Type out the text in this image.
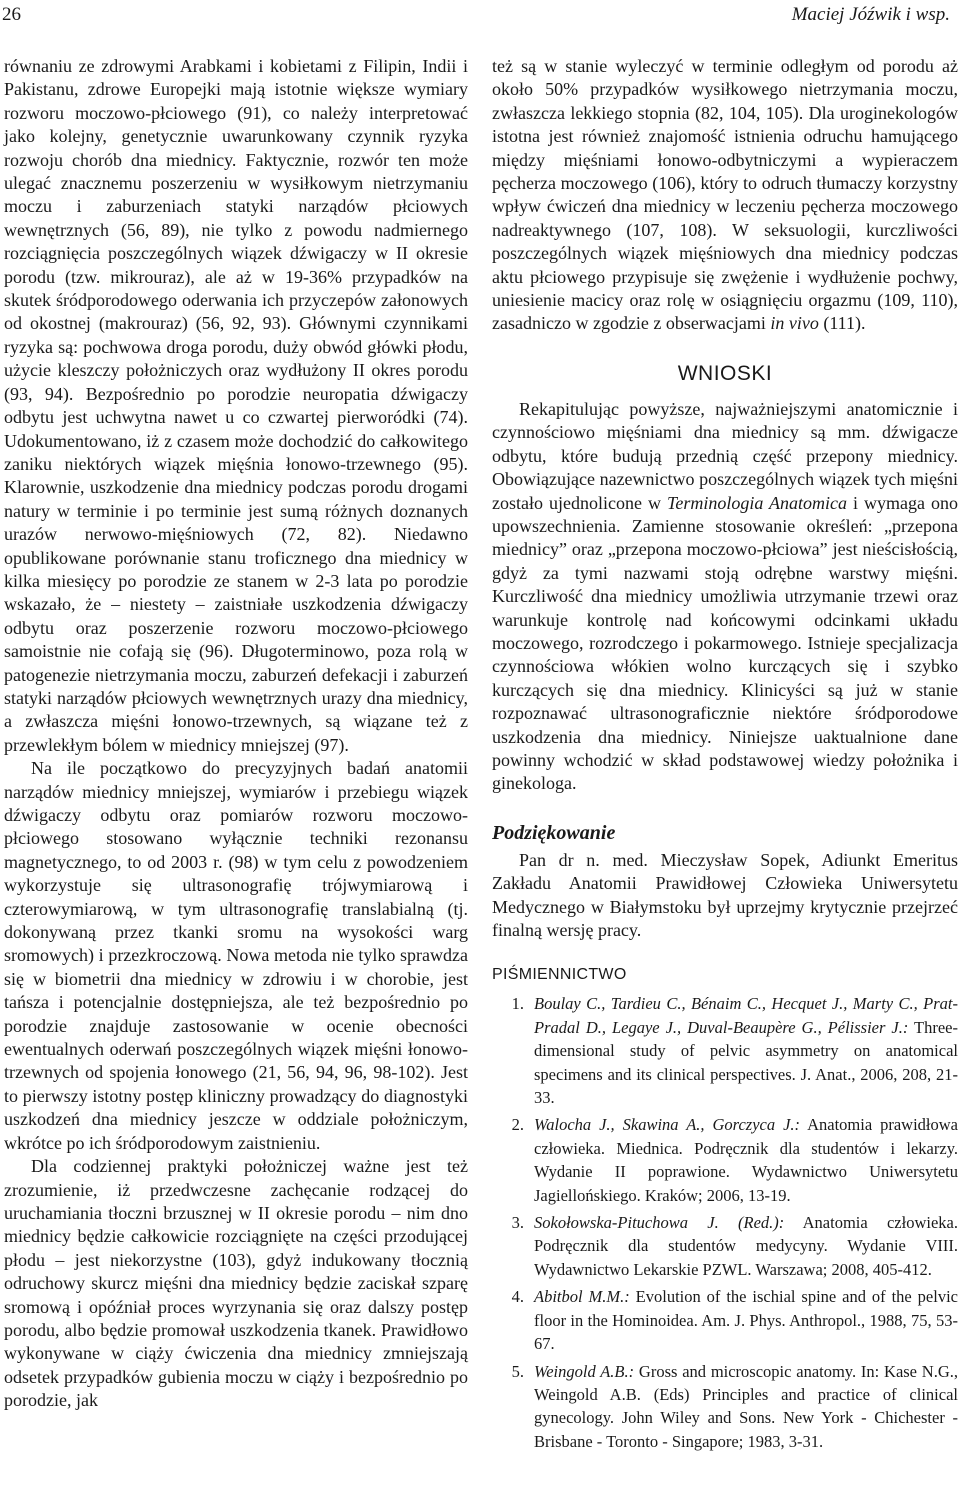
26	Maciej Jóźwik i wsp.

równaniu ze zdrowymi Arabkami i kobietami z Filipin, Indii i Pakistanu, zdrowe Europejki mają istotnie większe wymiary rozworu moczowo-płciowego (91), co należy interpretować jako kolejny, genetycznie uwarunkowany czynnik ryzyka rozwoju chorób dna miednicy. Faktycznie, rozwór ten może ulegać znacznemu poszerzeniu w wysiłkowym nietrzymaniu moczu i zaburzeniach statyki narządów płciowych wewnętrznych (56, 89), nie tylko z powodu nadmiernego rozciągnięcia poszczególnych wiązek dźwigaczy w II okresie porodu (tzw. mikrouraz), ale aż w 19-36% przypadków na skutek śródporodowego oderwania ich przyczepów załonowych od okostnej (makrouraz) (56, 92, 93). Głównymi czynnikami ryzyka są: pochwowa droga porodu, duży obwód główki płodu, użycie kleszczy położniczych oraz wydłużony II okres porodu (93, 94). Bezpośrednio po porodzie neuropatia dźwigaczy odbytu jest uchwytna nawet u co czwartej pierworódki (74). Udokumentowano, iż z czasem może dochodzić do całkowitego zaniku niektórych wiązek mięśnia łonowo-trzewnego (95). Klarownie, uszkodzenie dna miednicy podczas porodu drogami natury w terminie i po terminie jest sumą różnych doznanych urazów nerwowo-mięśniowych (72, 82). Niedawno opublikowane porównanie stanu troficznego dna miednicy w kilka miesięcy po porodzie ze stanem w 2-3 lata po porodzie wskazało, że – niestety – zaistniałe uszkodzenia dźwigaczy odbytu oraz poszerzenie rozworu moczowo-płciowego samoistnie nie cofają się (96). Długoterminowo, poza rolą w patogenezie nietrzymania moczu, zaburzeń defekacji i zaburzeń statyki narządów płciowych wewnętrznych urazy dna miednicy, a zwłaszcza mięśni łonowo-trzewnych, są wiązane też z przewlekłym bólem w miednicy mniejszej (97).

Na ile początkowo do precyzyjnych badań anatomii narządów miednicy mniejszej, wymiarów i przebiegu wiązek dźwigaczy odbytu oraz pomiarów rozworu moczowo-płciowego stosowano wyłącznie techniki rezonansu magnetycznego, to od 2003 r. (98) w tym celu z powodzeniem wykorzystuje się ultrasonografię trójwymiarową i czterowymiarową, w tym ultrasonografię translabialną (tj. dokonywaną przez tkanki sromu na wysokości warg sromowych) i przezkroczową. Nowa metoda nie tylko sprawdza się w biometrii dna miednicy w zdrowiu i w chorobie, jest tańsza i potencjalnie dostępniejsza, ale też bezpośrednio po porodzie znajduje zastosowanie w ocenie obecności ewentualnych oderwań poszczególnych wiązek mięśni łonowo-trzewnych od spojenia łonowego (21, 56, 94, 96, 98-102). Jest to pierwszy istotny postęp kliniczny prowadzący do diagnostyki uszkodzeń dna miednicy jeszcze w oddziale położniczym, wkrótce po ich śródporodowym zaistnieniu.

Dla codziennej praktyki położniczej ważne jest też zrozumienie, iż przedwczesne zachęcanie rodzącej do uruchamiania tłoczni brzusznej w II okresie porodu – nim dno miednicy będzie całkowicie rozciągnięte na części przodującej płodu – jest niekorzystne (103), gdyż indukowany tłocznią odruchowy skurcz mięśni dna miednicy będzie zaciskał szparę sromową i opóźniał proces wyrzynania się oraz dalszy postęp porodu, albo będzie promował uszkodzenia tkanek. Prawidłowo wykonywane w ciąży ćwiczenia dna miednicy zmniejszają odsetek przypadków gubienia moczu w ciąży i bezpośrednio po porodzie, jak

też są w stanie wyleczyć w terminie odległym od porodu aż około 50% przypadków wysiłkowego nietrzymania moczu, zwłaszcza lekkiego stopnia (82, 104, 105). Dla uroginekologów istotna jest również znajomość istnienia odruchu hamującego między mięśniami łonowo-odbytniczymi a wypieraczem pęcherza moczowego (106), który to odruch tłumaczy korzystny wpływ ćwiczeń dna miednicy w leczeniu pęcherza moczowego nadreaktywnego (107, 108). W seksuologii, kurczliwości poszczególnych wiązek mięśniowych dna miednicy podczas aktu płciowego przypisuje się zwężenie i wydłużenie pochwy, uniesienie macicy oraz rolę w osiągnięciu orgazmu (109, 110), zasadniczo w zgodzie z obserwacjami in vivo (111).

WNIOSKI

Rekapitulując powyższe, najważniejszymi anatomicznie i czynnościowo mięśniami dna miednicy są mm. dźwigacze odbytu, które budują przednią część przepony miednicy. Obowiązujące nazewnictwo poszczególnych wiązek tych mięśni zostało ujednolicone w Terminologia Anatomica i wymaga ono upowszechnienia. Zamienne stosowanie określeń: „przepona miednicy” oraz „przepona moczowo-płciowa” jest nieścisłością, gdyż za tymi nazwami stoją odrębne warstwy mięśni. Kurczliwość dna miednicy umożliwia utrzymanie trzewi oraz warunkuje kontrolę nad końcowymi odcinkami układu moczowego, rozrodczego i pokarmowego. Istnieje specjalizacja czynnościowa włókien wolno kurczących się i szybko kurczących się dna miednicy. Klinicyści są już w stanie rozpoznawać ultrasonograficznie niektóre śródporodowe uszkodzenia dna miednicy. Niniejsze uaktualnione dane powinny wchodzić w skład podstawowej wiedzy położnika i ginekologa.

Podziękowanie

Pan dr n. med. Mieczysław Sopek, Adiunkt Emeritus Zakładu Anatomii Prawidłowej Człowieka Uniwersytetu Medycznego w Białymstoku był uprzejmy krytycznie przejrzeć finalną wersję pracy.

PIŚMIENNICTWO
1. Boulay C., Tardieu C., Bénaim C., Hecquet J., Marty C., Prat-Pradal D., Legaye J., Duval-Beaupère G., Pélissier J.: Three-dimensional study of pelvic asymmetry on anatomical specimens and its clinical perspectives. J. Anat., 2006, 208, 21-33.
2. Walocha J., Skawina A., Gorczyca J.: Anatomia prawidłowa człowieka. Miednica. Podręcznik dla studentów i lekarzy. Wydanie II poprawione. Wydawnictwo Uniwersytetu Jagiellońskiego. Kraków; 2006, 13-19.
3. Sokołowska-Pituchowa J. (Red.): Anatomia człowieka. Podręcznik dla studentów medycyny. Wydanie VIII. Wydawnictwo Lekarskie PZWL. Warszawa; 2008, 405-412.
4. Abitbol M.M.: Evolution of the ischial spine and of the pelvic floor in the Hominoidea. Am. J. Phys. Anthropol., 1988, 75, 53-67.
5. Weingold A.B.: Gross and microscopic anatomy. In: Kase N.G., Weingold A.B. (Eds) Principles and practice of clinical gynecology. John Wiley and Sons. New York - Chichester - Brisbane - Toronto - Singapore; 1983, 3-31.
